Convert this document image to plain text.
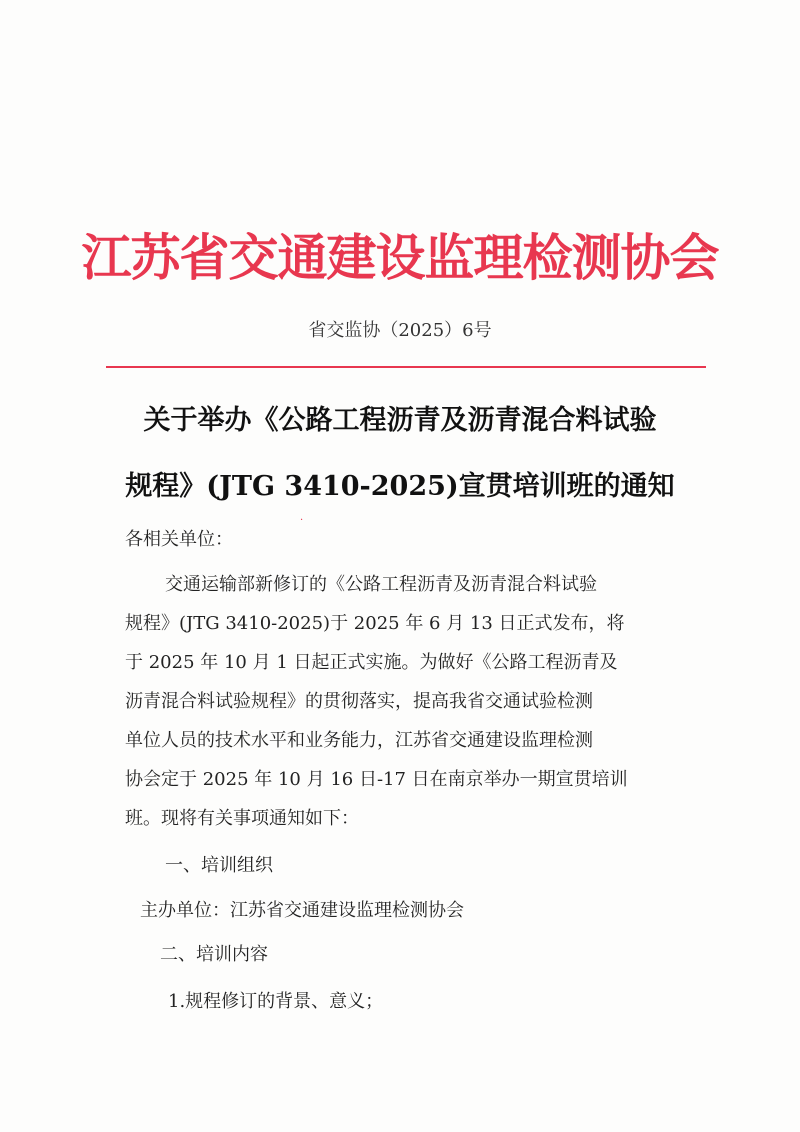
江苏省交通建设监理检测协会
省交监协（2025）6号
关于举办《公路工程沥青及沥青混合料试验
规程》(JTG 3410-2025)宣贯培训班的通知
·
各相关单位：
交通运输部新修订的《公路工程沥青及沥青混合料试验
规程》(JTG 3410-2025)于 2025 年 6 月 13 日正式发布，将
于 2025 年 10 月 1 日起正式实施。为做好《公路工程沥青及
沥青混合料试验规程》的贯彻落实，提高我省交通试验检测
单位人员的技术水平和业务能力，江苏省交通建设监理检测
协会定于 2025 年 10 月 16 日-17 日在南京举办一期宣贯培训
班。现将有关事项通知如下：
一、培训组织
主办单位：江苏省交通建设监理检测协会
二、培训内容
1.规程修订的背景、意义；
